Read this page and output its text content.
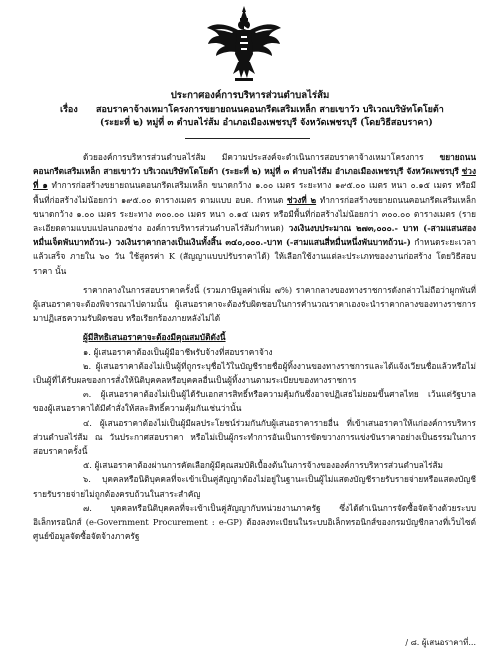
ประกาศองค์การบริหารส่วนตำบลไร่ส้ม
เรื่อง สอบราคาจ้างเหมาโครงการขยายถนนคอนกรีตเสริมเหล็ก สายเขาวัว บริเวณบริษัทโตโยต้า
(ระยะที่ ๒) หมู่ที่ ๓ ตำบลไร่ส้ม อำเภอเมืองเพชรบุรี จังหวัดเพชรบุรี (โดยวิธีสอบราคา)

ด้วยองค์การบริหารส่วนตำบลไร่ส้ม มีความประสงค์จะดำเนินการสอบราคาจ้างเหมาโครงการ ขยายถนนคอนกรีตเสริมเหล็ก สายเขาวัว บริเวณบริษัทโตโยต้า (ระยะที่ ๒) หมู่ที่ ๓ ตำบลไร่ส้ม อำเภอเมืองเพชรบุรี จังหวัดเพชรบุรี ช่วงที่ ๑ ทำการก่อสร้างขยายถนนคอนกรีตเสริมเหล็ก ขนาดกว้าง ๑.๐๐ เมตร ระยะทาง ๑๙๕.๐๐ เมตร หนา ๐.๑๕ เมตร หรือมีพื้นที่ก่อสร้างไม่น้อยกว่า ๑๙๕.๐๐ ตารางเมตร ตามแบบ อบต. กำหนด ช่วงที่ ๒ ทำการก่อสร้างขยายถนนคอนกรีตเสริมเหล็ก ขนาดกว้าง ๑.๐๐ เมตร ระยะทาง ๓๐๐.๐๐ เมตร หนา ๐.๑๕ เมตร หรือมีพื้นที่ก่อสร้างไม่น้อยกว่า ๓๐๐.๐๐ ตารางเมตร (รายละเอียดตามแบบแปลนกองช่าง องค์การบริหารส่วนตำบลไร่ส้มกำหนด) วงเงินงบประมาณ ๒๗๓,๐๐๐.- บาท (-สามแสนสองหมื่นเจ็ดพันบาทถ้วน-) วงเงินราคากลางเป็นเงินทั้งสิ้น ๓๔๐,๐๐๐.-บาท (-สามแสนสี่หมื่นหนึ่งพันบาทถ้วน-) กำหนดระยะเวลาแล้วเสร็จ ภายใน ๖๐ วัน ใช้สูตรค่า K (สัญญาแบบปรับราคาได้) ให้เลือกใช้งานแต่ละประเภทของงานก่อสร้าง โดยวิธีสอบราคา นั้น

ราคากลางในการสอบราคาครั้งนี้ (รวมภาษีมูลค่าเพิ่ม ๗%) ราคากลางของทางราชการดังกล่าวไม่ถือว่าผูกพันที่ผู้เสนอราคาจะต้องพิจารณาไปตามนั้น ผู้เสนอราคาจะต้องรับผิดชอบในการคำนวณราคาเองจะนำราคากลางของทางราชการมาปฏิเสธความรับผิดชอบ หรือเรียกร้องภายหลังไม่ได้

ผู้มีสิทธิเสนอราคาจะต้องมีคุณสมบัติดังนี้

๑. ผู้เสนอราคาต้องเป็นผู้มีอาชีพรับจ้างที่สอบราคาจ้าง

๒. ผู้เสนอราคาต้องไม่เป็นผู้ที่ถูกระบุชื่อไว้ในบัญชีรายชื่อผู้ทิ้งงานของทางราชการและได้แจ้งเวียนชื่อแล้วหรือไม่เป็นผู้ที่ได้รับผลของการสั่งให้นิติบุคคลหรือบุคคลอื่นเป็นผู้ทิ้งงานตามระเบียบของทางราชการ

๓. ผู้เสนอราคาต้องไม่เป็นผู้ได้รับเอกสารสิทธิ์หรือความคุ้มกันซึ่งอาจปฏิเสธไม่ยอมขึ้นศาลไทย เว้นแต่รัฐบาลของผู้เสนอราคาได้มีคำสั่งให้สละสิทธิ์ความคุ้มกันเช่นว่านั้น

๔. ผู้เสนอราคาต้องไม่เป็นผู้มีผลประโยชน์ร่วมกันกับผู้เสนอราคารายอื่น ที่เข้าเสนอราคาให้แก่องค์การบริหารส่วนตำบลไร่ส้ม ณ วันประกาศสอบราคา หรือไม่เป็นผู้กระทำการอันเป็นการขัดขวางการแข่งขันราคาอย่างเป็นธรรมในการสอบราคาครั้งนี้

๕. ผู้เสนอราคาต้องผ่านการคัดเลือกผู้มีคุณสมบัติเบื้องต้นในการจ้างขององค์การบริหารส่วนตำบลไร่ส้ม

๖. บุคคลหรือนิติบุคคลที่จะเข้าเป็นคู่สัญญาต้องไม่อยู่ในฐานะเป็นผู้ไม่แสดงบัญชีรายรับรายจ่ายหรือแสดงบัญชีรายรับรายจ่ายไม่ถูกต้องครบถ้วนในสาระสำคัญ

๗. บุคคลหรือนิติบุคคลที่จะเข้าเป็นคู่สัญญากับหน่วยงานภาครัฐ ซึ่งได้ดำเนินการจัดซื้อจัดจ้างด้วยระบบอิเล็กทรอนิกส์ (e-Government Procurement : e-GP) ต้องลงทะเบียนในระบบอิเล็กทรอนิกส์ของกรมบัญชีกลางที่เว็บไซต์ศูนย์ข้อมูลจัดซื้อจัดจ้างภาครัฐ

/ ๘. ผู้เสนอราคาที่...
